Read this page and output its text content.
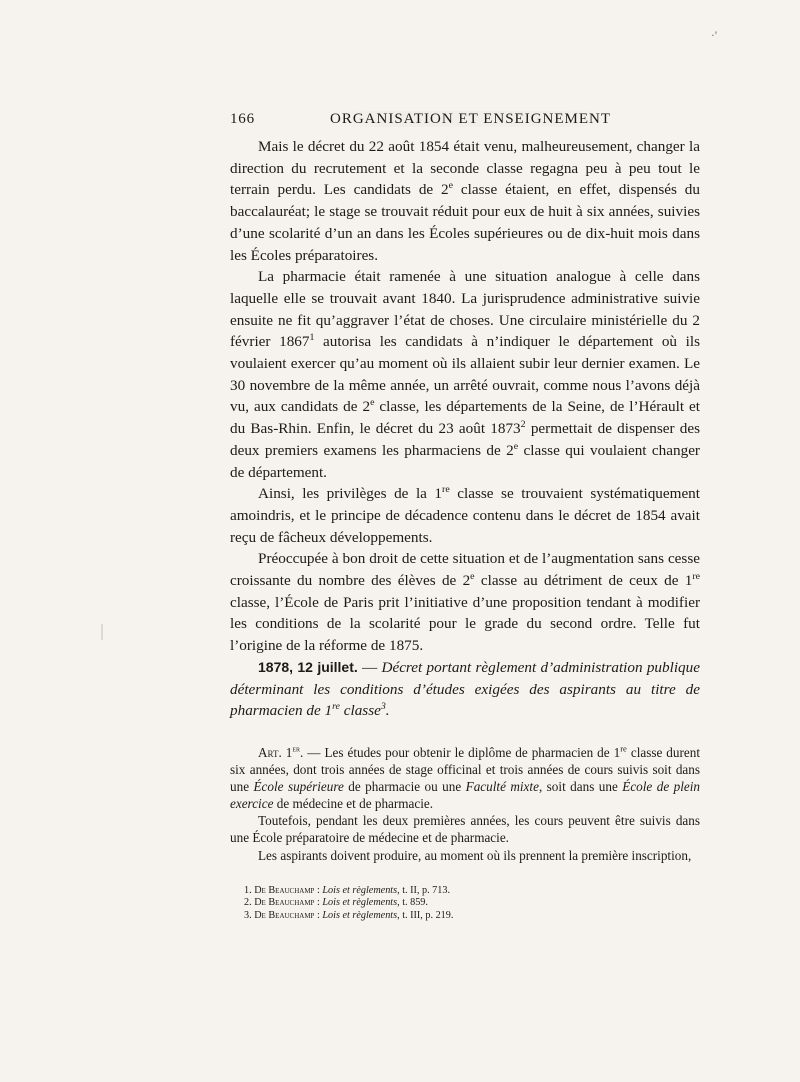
·'
166	ORGANISATION ET ENSEIGNEMENT

Mais le décret du 22 août 1854 était venu, malheureusement, changer la direction du recrutement et la seconde classe regagna peu à peu tout le terrain perdu. Les candidats de 2e classe étaient, en effet, dispensés du baccalauréat; le stage se trouvait réduit pour eux de huit à six années, suivies d’une scolarité d’un an dans les Écoles supérieures ou de dix-huit mois dans les Écoles préparatoires.

La pharmacie était ramenée à une situation analogue à celle dans laquelle elle se trouvait avant 1840. La jurisprudence administrative suivie ensuite ne fit qu’aggraver l’état de choses. Une circulaire ministérielle du 2 février 1867$^1$ autorisa les candidats à n’indiquer le département où ils voulaient exercer qu’au moment où ils allaient subir leur dernier examen. Le 30 novembre de la même année, un arrêté ouvrait, comme nous l’avons déjà vu, aux candidats de 2e classe, les départements de la Seine, de l’Hérault et du Bas-Rhin. Enfin, le décret du 23 août 1873$^2$ permettait de dispenser des deux premiers examens les pharmaciens de 2e classe qui voulaient changer de département.

Ainsi, les privilèges de la 1re classe se trouvaient systématiquement amoindris, et le principe de décadence contenu dans le décret de 1854 avait reçu de fâcheux développements.

Préoccupée à bon droit de cette situation et de l’augmentation sans cesse croissante du nombre des élèves de 2e classe au détriment de ceux de 1re classe, l’École de Paris prit l’initiative d’une proposition tendant à modifier les conditions de la scolarité pour le grade du second ordre. Telle fut l’origine de la réforme de 1875.

1878, 12 juillet. — Décret portant règlement d’administration publique déterminant les conditions d’études exigées des aspirants au titre de pharmacien de 1re classe$^3$.

Art. 1er. — Les études pour obtenir le diplôme de pharmacien de 1re classe durent six années, dont trois années de stage officinal et trois années de cours suivis soit dans une École supérieure de pharmacie ou une Faculté mixte, soit dans une École de plein exercice de médecine et de pharmacie.

Toutefois, pendant les deux premières années, les cours peuvent être suivis dans une École préparatoire de médecine et de pharmacie.

Les aspirants doivent produire, au moment où ils prennent la première inscription,

1. De Beauchamp : Lois et règlements, t. II, p. 713.

2. De Beauchamp : Lois et règlements, t. 859.

3. De Beauchamp : Lois et règlements, t. III, p. 219.
